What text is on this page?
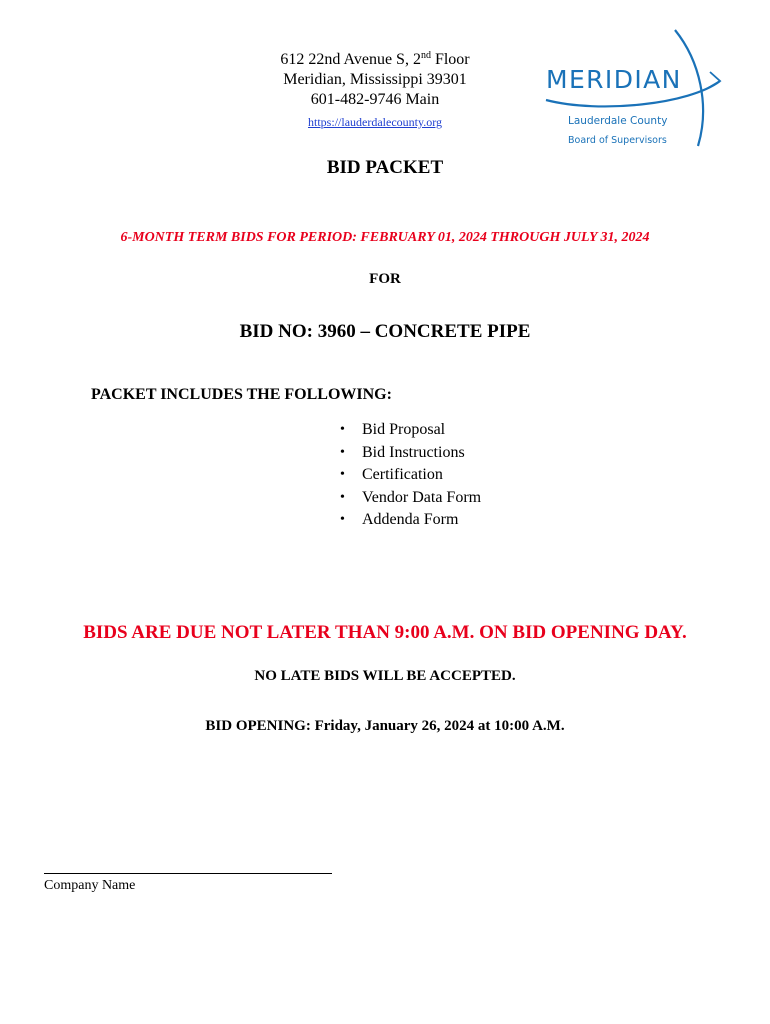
612 22nd Avenue S, 2nd Floor
Meridian, Mississippi 39301
601-482-9746 Main
https://lauderdalecounty.org
MERIDIAN
Lauderdale County
Board of Supervisors
BID PACKET
6-MONTH TERM BIDS FOR PERIOD: FEBRUARY 01, 2024 THROUGH JULY 31, 2024
FOR
BID NO: 3960 – CONCRETE PIPE
PACKET INCLUDES THE FOLLOWING:
• Bid Proposal
• Bid Instructions
• Certification
• Vendor Data Form
• Addenda Form
BIDS ARE DUE NOT LATER THAN 9:00 A.M. ON BID OPENING DAY.
NO LATE BIDS WILL BE ACCEPTED.
BID OPENING: Friday, January 26, 2024 at 10:00 A.M.
Company Name
